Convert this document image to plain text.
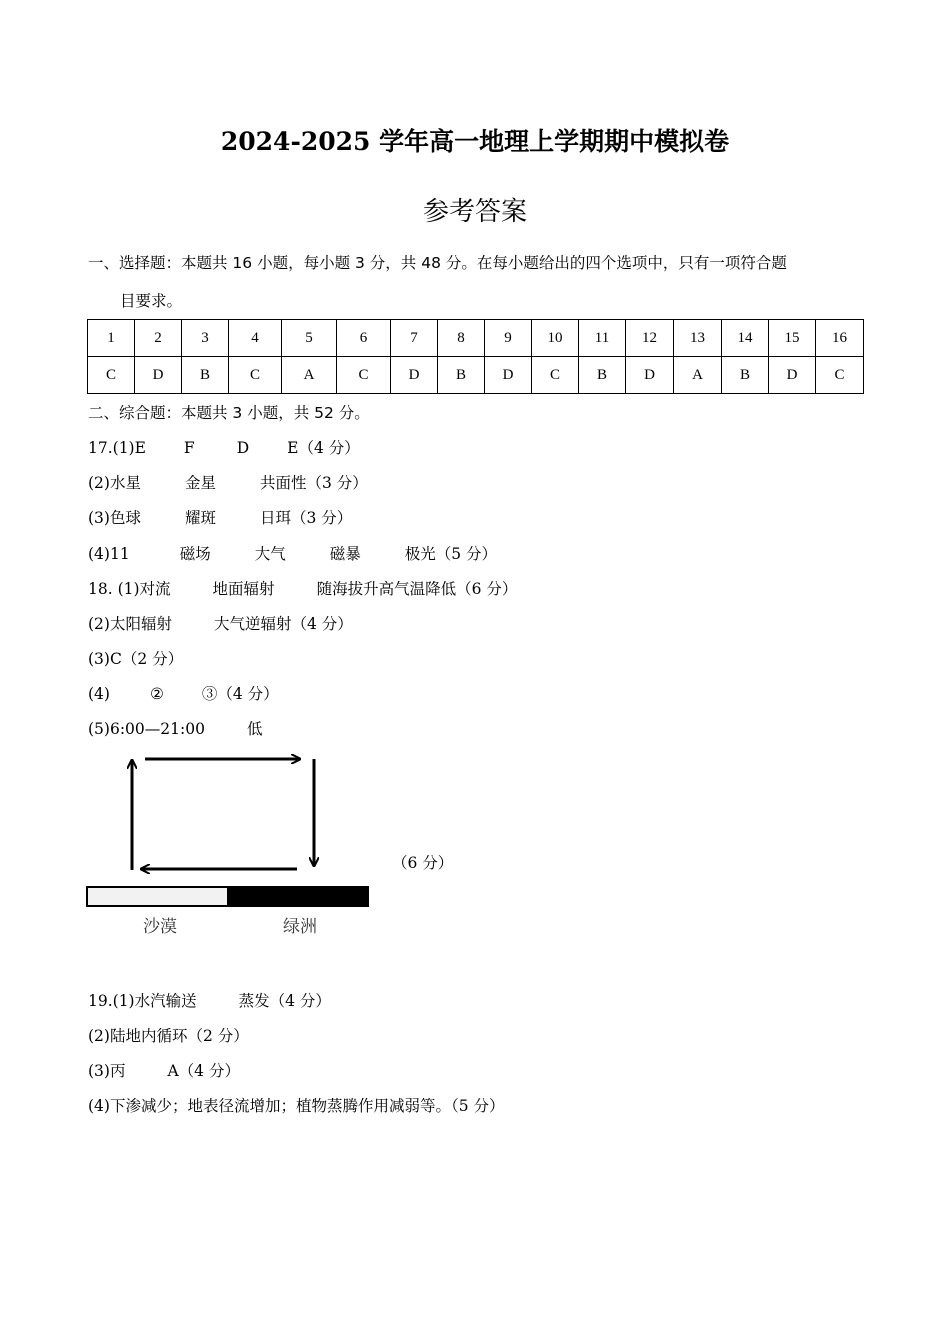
2024-2025 学年高一地理上学期期中模拟卷
参考答案
一、选择题：本题共 16 小题，每小题 3 分，共 48 分。在每小题给出的四个选项中，只有一项符合题
目要求。
1	2	3	4	5	6	7	8	9	10	11	12	13	14	15	16
C	D	B	C	A	C	D	B	D	C	B	D	A	B	D	C
二、综合题：本题共 3 小题，共 52 分。
17.(1)E F	D E（4 分）
(2)水星	金星	共面性（3 分）
(3)色球	耀斑	日珥（3 分）
(4)11	磁场	大气	磁暴	极光（5 分）
18. (1)对流	地面辐射	随海拔升高气温降低（6 分）
(2)太阳辐射	大气逆辐射（4 分）
(3)C（2 分）
(4)	② ③（4 分）
(5)6:00—21:00	低
沙漠	绿洲
（6 分）
19.(1)水汽输送	蒸发（4 分）
(2)陆地内循环（2 分）
(3)丙	A（4 分）
(4)下渗减少；地表径流增加；植物蒸腾作用减弱等。（5 分）
